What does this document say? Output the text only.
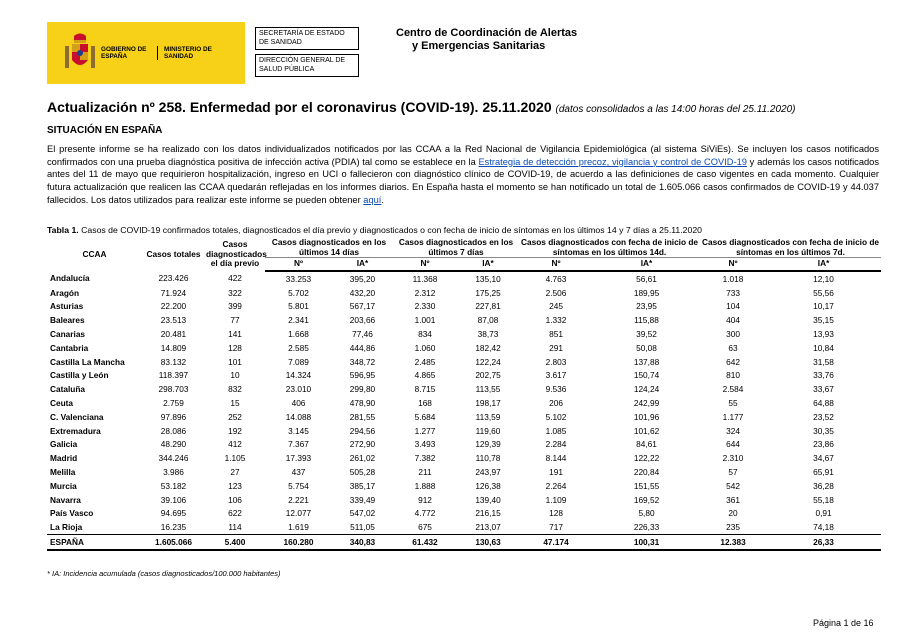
GOBIERNO DE ESPAÑA
MINISTERIO DE SANIDAD
SECRETARÍA DE ESTADO DE SANIDAD
DIRECCIÓN GENERAL DE SALUD PÚBLICA
Centro de Coordinación de Alertas
y Emergencias Sanitarias
Actualización nº 258. Enfermedad por el coronavirus (COVID-19). 25.11.2020 (datos consolidados a las 14:00 horas del 25.11.2020)
SITUACIÓN EN ESPAÑA
El presente informe se ha realizado con los datos individualizados notificados por las CCAA a la Red Nacional de Vigilancia Epidemiológica (al sistema SiViEs). Se incluyen los casos notificados confirmados con una prueba diagnóstica positiva de infección activa (PDIA) tal como se establece en la Estrategia de detección precoz, vigilancia y control de COVID-19 y además los casos notificados antes del 11 de mayo que requirieron hospitalización, ingreso en UCI o fallecieron con diagnóstico clínico de COVID-19, de acuerdo a las definiciones de caso vigentes en cada momento. Cualquier futura actualización que realicen las CCAA quedarán reflejadas en los informes diarios. En España hasta el momento se han notificado un total de 1.605.066 casos confirmados de COVID-19 y 44.037 fallecidos. Los datos utilizados para realizar este informe se pueden obtener aquí.
Tabla 1. Casos de COVID-19 confirmados totales, diagnosticados el día previo y diagnosticados o con fecha de inicio de síntomas en los últimos 14 y 7 días a 25.11.2020
CCAA	Casos totales	Casos diagnosticados el día previo	Casos diagnosticados en los últimos 14 días		Casos diagnosticados en los últimos 7 días		Casos diagnosticados con fecha de inicio de síntomas en los últimos 14d.		Casos diagnosticados con fecha de inicio de síntomas en los últimos 7d.	
			Nº	IA*	Nº	IA*	Nº	IA*	Nº	IA*
Andalucía	223.426	422	33.253	395,20	11.368	135,10	4.763	56,61	1.018	12,10
Aragón	71.924	322	5.702	432,20	2.312	175,25	2.506	189,95	733	55,56
Asturias	22.200	399	5.801	567,17	2.330	227,81	245	23,95	104	10,17
Baleares	23.513	77	2.341	203,66	1.001	87,08	1.332	115,88	404	35,15
Canarias	20.481	141	1.668	77,46	834	38,73	851	39,52	300	13,93
Cantabria	14.809	128	2.585	444,86	1.060	182,42	291	50,08	63	10,84
Castilla La Mancha	83.132	101	7.089	348,72	2.485	122,24	2.803	137,88	642	31,58
Castilla y León	118.397	10	14.324	596,95	4.865	202,75	3.617	150,74	810	33,76
Cataluña	298.703	832	23.010	299,80	8.715	113,55	9.536	124,24	2.584	33,67
Ceuta	2.759	15	406	478,90	168	198,17	206	242,99	55	64,88
C. Valenciana	97.896	252	14.088	281,55	5.684	113,59	5.102	101,96	1.177	23,52
Extremadura	28.086	192	3.145	294,56	1.277	119,60	1.085	101,62	324	30,35
Galicia	48.290	412	7.367	272,90	3.493	129,39	2.284	84,61	644	23,86
Madrid	344.246	1.105	17.393	261,02	7.382	110,78	8.144	122,22	2.310	34,67
Melilla	3.986	27	437	505,28	211	243,97	191	220,84	57	65,91
Murcia	53.182	123	5.754	385,17	1.888	126,38	2.264	151,55	542	36,28
Navarra	39.106	106	2.221	339,49	912	139,40	1.109	169,52	361	55,18
País Vasco	94.695	622	12.077	547,02	4.772	216,15	128	5,80	20	0,91
La Rioja	16.235	114	1.619	511,05	675	213,07	717	226,33	235	74,18
ESPAÑA	1.605.066	5.400	160.280	340,83	61.432	130,63	47.174	100,31	12.383	26,33
* IA: Incidencia acumulada (casos diagnosticados/100.000 habitantes)
Página 1 de 16
